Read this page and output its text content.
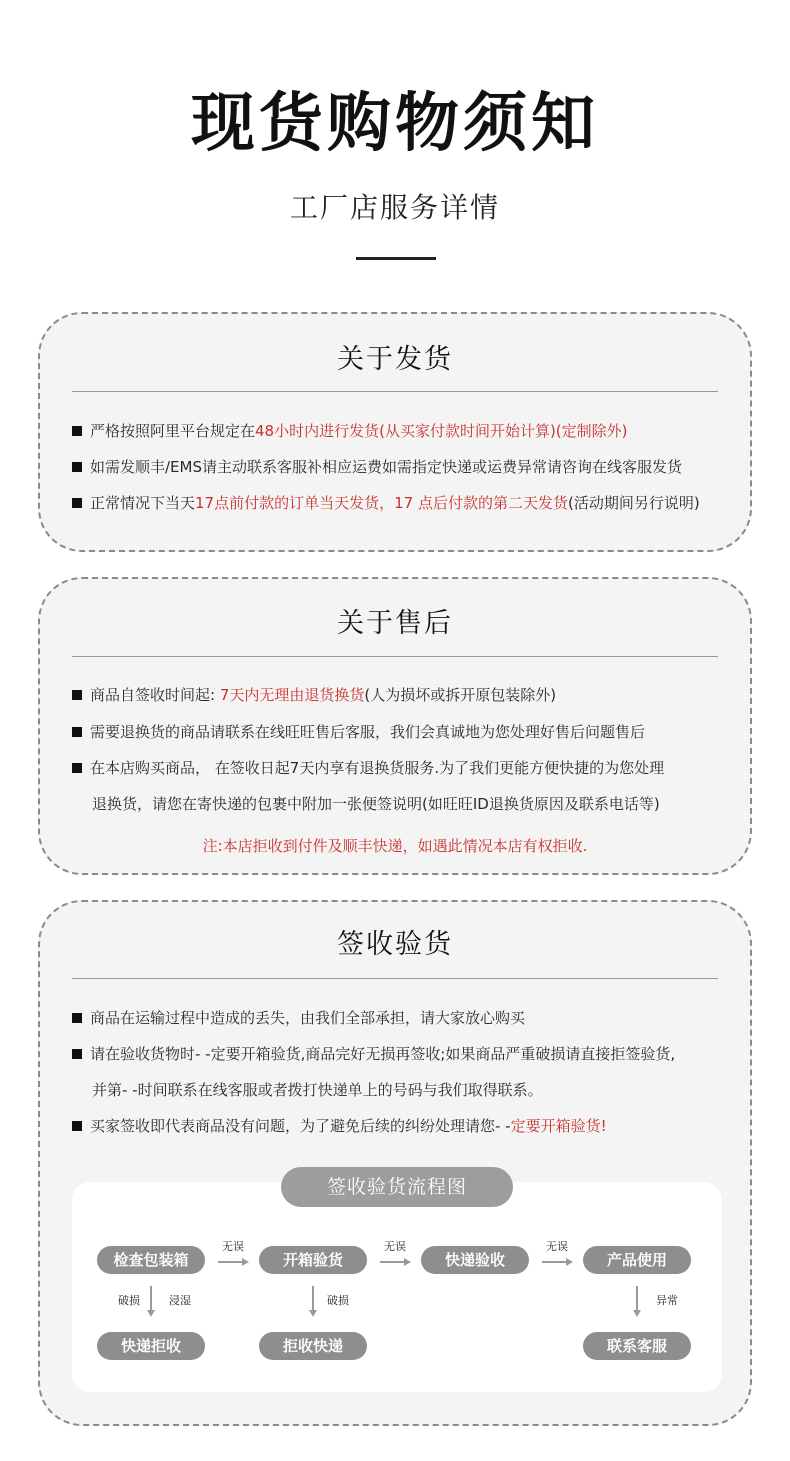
现货购物须知
工厂店服务详情
关于发货
严格按照阿里平台规定在48小时内进行发货(从买家付款时间开始计算)(定制除外)
如需发顺丰/EMS请主动联系客服补相应运费如需指定快递或运费异常请咨询在线客服发货
正常情况下当天17点前付款的订单当天发货，17 点后付款的第二天发货(活动期间另行说明)
关于售后
商品自签收时间起: 7天内无理由退货换货(人为损坏或拆开原包装除外)
需要退换货的商品请联系在线旺旺售后客服，我们会真诚地为您处理好售后问题售后
在本店购买商品， 在签收日起7天内享有退换货服务.为了我们更能方便快捷的为您处理
退换货，请您在寄快递的包裹中附加一张便签说明(如旺旺ID退换货原因及联系电话等)
注:本店拒收到付件及顺丰快递，如遇此情况本店有权拒收.
签收验货
商品在运输过程中造成的丢失，由我们全部承担，请大家放心购买
请在验收货物时- -定要开箱验货,商品完好无损再签收;如果商品严重破损请直接拒签验货,
并第- -时间联系在线客服或者拨打快递单上的号码与我们取得联系。
买家签收即代表商品没有问题，为了避免后续的纠纷处理请您- -定要开箱验货!
检查包装箱	开箱验货	快递验收	产品使用
快递拒收	拒收快递	联系客服
无误	无误	无误
破损	浸湿	破损	异常
签收验货流程图
